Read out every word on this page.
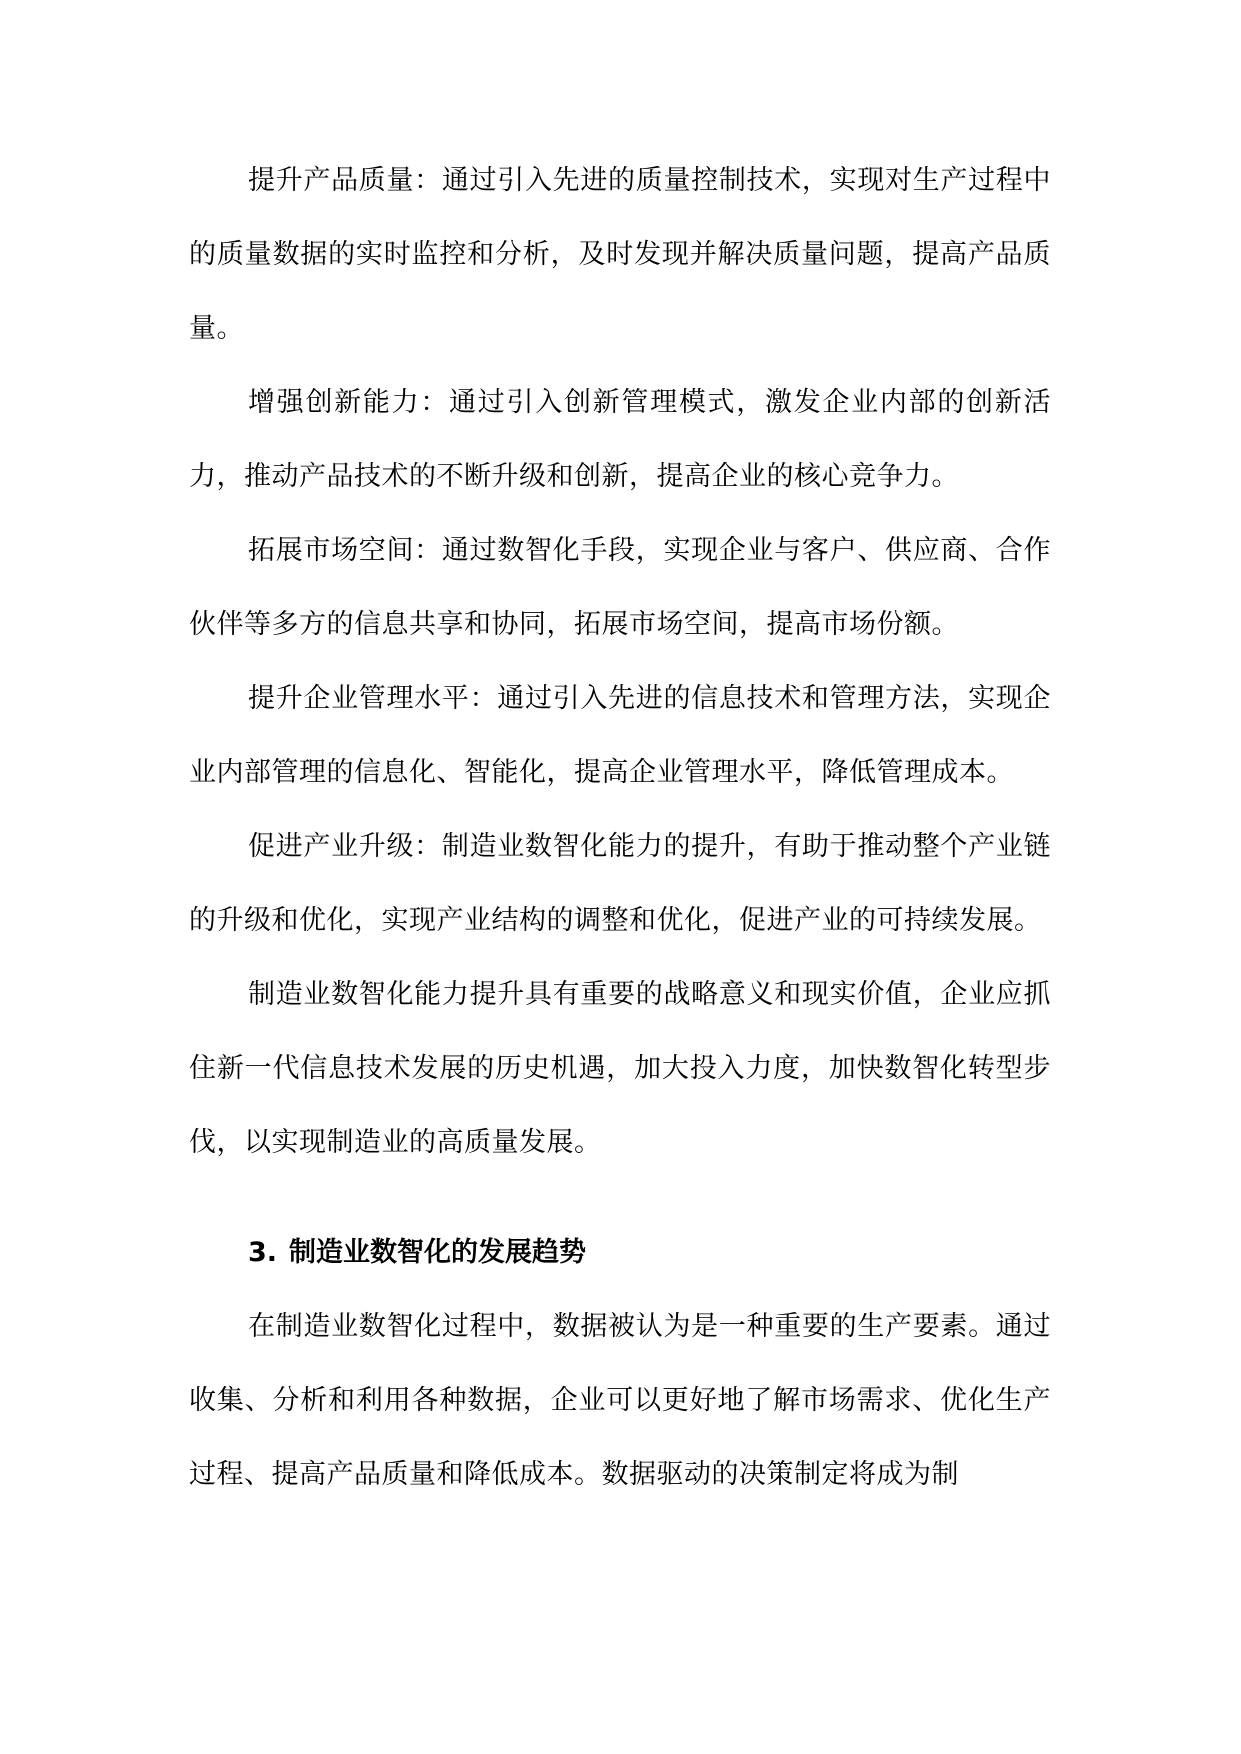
提升产品质量：通过引入先进的质量控制技术，实现对生产过程中的质量数据的实时监控和分析，及时发现并解决质量问题，提高产品质量。

增强创新能力：通过引入创新管理模式，激发企业内部的创新活力，推动产品技术的不断升级和创新，提高企业的核心竞争力。

拓展市场空间：通过数智化手段，实现企业与客户、供应商、合作伙伴等多方的信息共享和协同，拓展市场空间，提高市场份额。

提升企业管理水平：通过引入先进的信息技术和管理方法，实现企业内部管理的信息化、智能化，提高企业管理水平，降低管理成本。

促进产业升级：制造业数智化能力的提升，有助于推动整个产业链的升级和优化，实现产业结构的调整和优化，促进产业的可持续发展。

制造业数智化能力提升具有重要的战略意义和现实价值，企业应抓住新一代信息技术发展的历史机遇，加大投入力度，加快数智化转型步伐，以实现制造业的高质量发展。

3. 制造业数智化的发展趋势

在制造业数智化过程中，数据被认为是一种重要的生产要素。通过收集、分析和利用各种数据，企业可以更好地了解市场需求、优化生产过程、提高产品质量和降低成本。数据驱动的决策制定将成为制
